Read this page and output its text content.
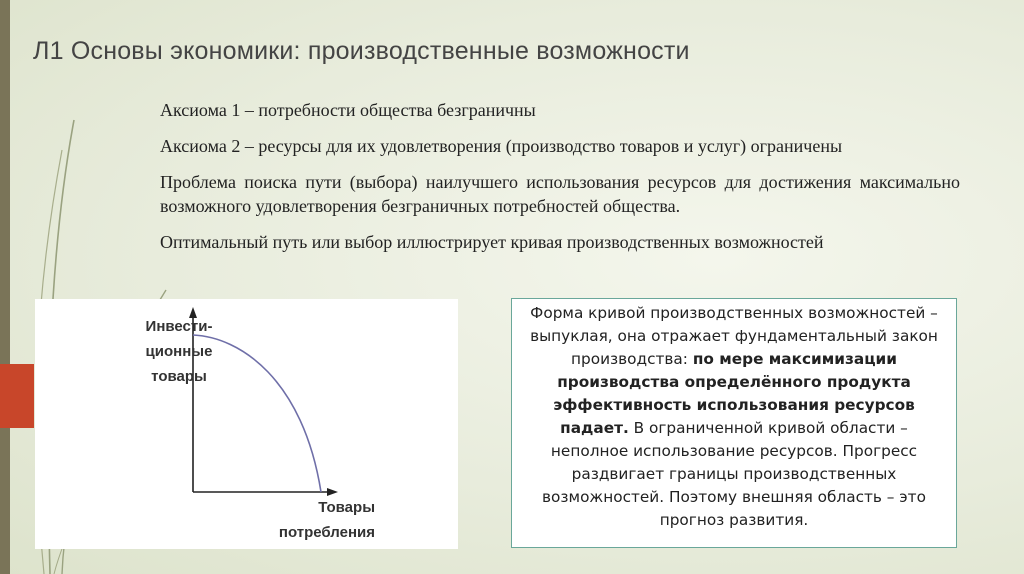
Л1 Основы экономики: производственные возможности

Аксиома 1 – потребности общества безграничны

Аксиома 2 – ресурсы для их удовлетворения (производство товаров и услуг) ограничены

Проблема поиска пути (выбора) наилучшего использования ресурсов для достижения максимально возможного удовлетворения безграничных потребностей общества.

Оптимальный путь или выбор иллюстрирует кривая производственных возможностей

Инвести-
ционные
товары

Товары
потребления

Форма кривой производственных возможностей – выпуклая, она отражает фундаментальный закон производства: по мере максимизации производства определённого продукта эффективность использования ресурсов падает. В ограниченной кривой области – неполное использование ресурсов. Прогресс раздвигает границы производственных возможностей. Поэтому внешняя область – это прогноз развития.
